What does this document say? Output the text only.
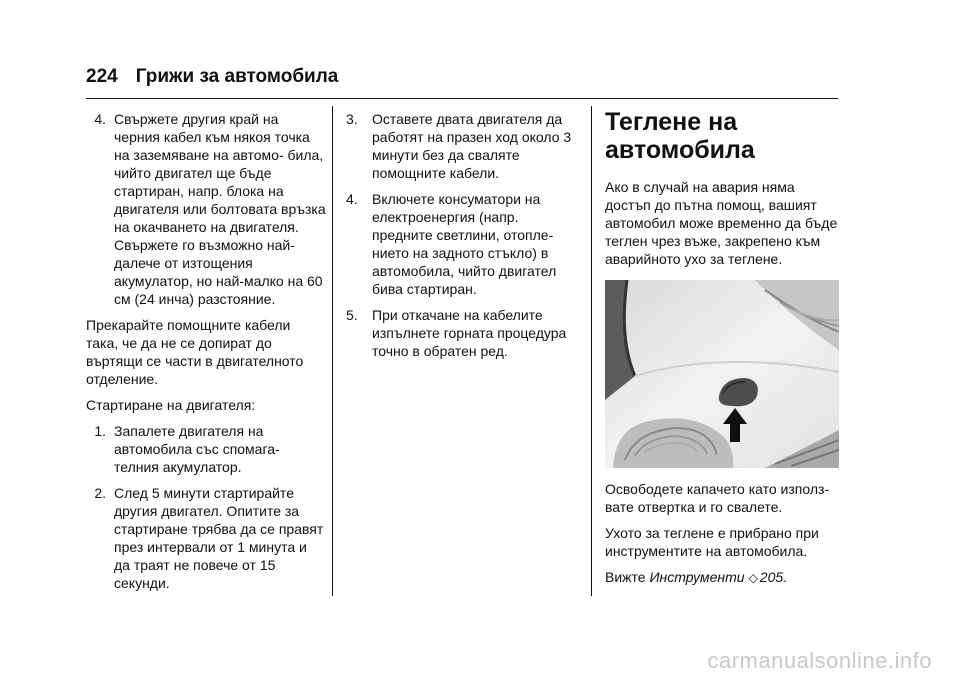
224 Грижи за автомобила
4. Свържете другия край на черния кабел към някоя точка на заземяване на автомо- била, чийто двигател ще бъде стартиран, напр. блока на двигателя или болтовата връзка на окачването на двигателя. Свържете го възможно най-далече от изтощения акумулатор, но най-малко на 60 см (24 инча) разстояние.

Прекарайте помощните кабели така, че да не се допират до въртящи се части в двигателното отделение.

Стартиране на двигателя:

1. Запалете двигателя на автомобила със спомага- телния акумулатор.
2. След 5 минути стартирайте другия двигател. Опитите за стартиране трябва да се правят през интервали от 1 минута и да траят не повече от 15 секунди.
3.	Оставете двата двигателя да работят на празен ход около 3 минути без да сваляте помощните кабели.
4.	Включете консуматори на електроенергия (напр. предните светлини, отопле- нието на задното стъкло) в автомобила, чийто двигател бива стартиран.
5.	При откачане на кабелите изпълнете горната процедура точно в обратен ред.
Теглене на
автомобила

Ако в случай на авария няма достъп до пътна помощ, вашият автомобил може временно да бъде теглен чрез въже, закрепено към аварийното ухо за теглене.

Освободете капачето като използ- вате отвертка и го свалете.

Ухото за теглене е прибрано при инструментите на автомобила.

Вижте Инструменти ◇ 205.

carmanualsonline.info
